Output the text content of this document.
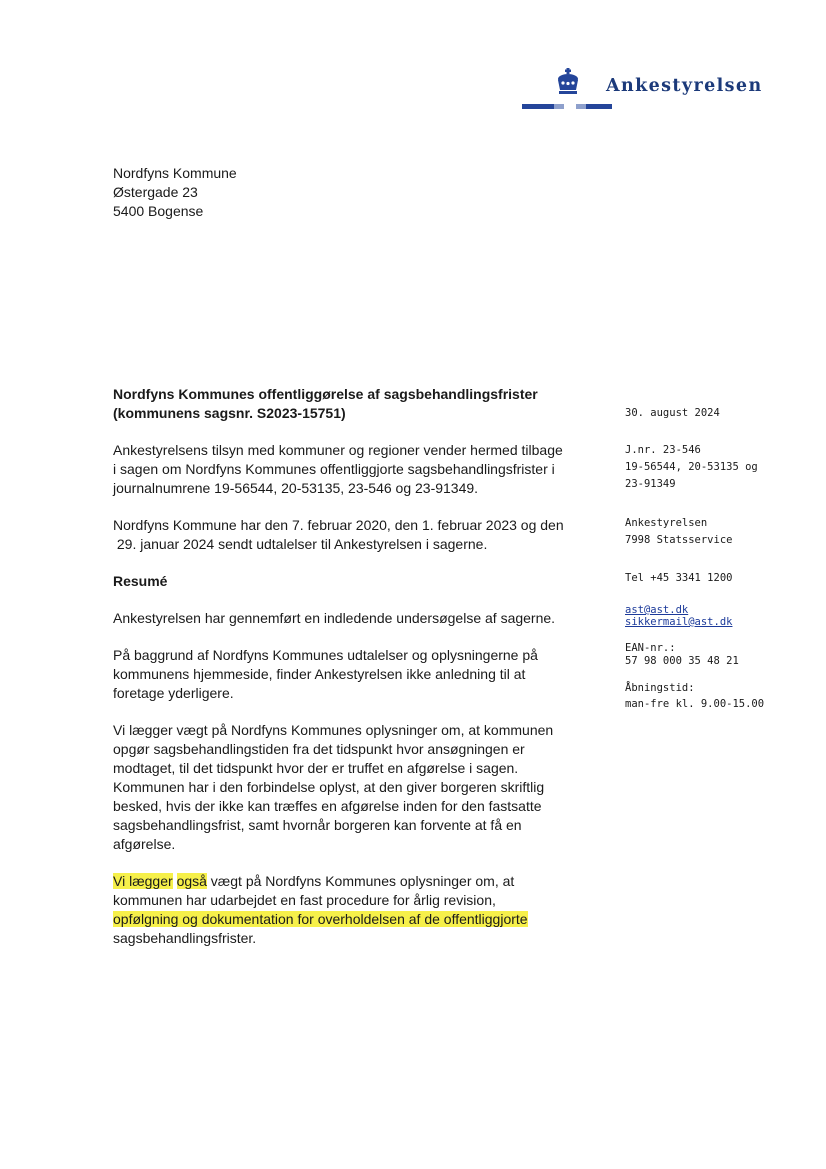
Ankestyrelsen
Nordfyns Kommune
Østergade 23
5400 Bogense

Nordfyns Kommunes offentliggørelse af sagsbehandlingsfrister
(kommunens sagsnr. S2023-15751)

Ankestyrelsens tilsyn med kommuner og regioner vender hermed tilbage
i sagen om Nordfyns Kommunes offentliggjorte sagsbehandlingsfrister i
journalnumrene 19-56544, 20-53135, 23-546 og 23-91349.

Nordfyns Kommune har den 7. februar 2020, den 1. februar 2023 og den
29. januar 2024 sendt udtalelser til Ankestyrelsen i sagerne.

Resumé

Ankestyrelsen har gennemført en indledende undersøgelse af sagerne.

På baggrund af Nordfyns Kommunes udtalelser og oplysningerne på
kommunens hjemmeside, finder Ankestyrelsen ikke anledning til at
foretage yderligere.

Vi lægger vægt på Nordfyns Kommunes oplysninger om, at kommunen
opgør sagsbehandlingstiden fra det tidspunkt hvor ansøgningen er
modtaget, til det tidspunkt hvor der er truffet en afgørelse i sagen.
Kommunen har i den forbindelse oplyst, at den giver borgeren skriftlig
besked, hvis der ikke kan træffes en afgørelse inden for den fastsatte
sagsbehandlingsfrist, samt hvornår borgeren kan forvente at få en
afgørelse.

Vi lægger også vægt på Nordfyns Kommunes oplysninger om, at
kommunen har udarbejdet en fast procedure for årlig revision,
opfølgning og dokumentation for overholdelsen af de offentliggjorte
sagsbehandlingsfrister.

30. august 2024
J.nr. 23-546
19-56544, 20-53135 og
23-91349
Ankestyrelsen
7998 Statsservice
Tel +45 3341 1200
ast@ast.dk
sikkermail@ast.dk
EAN-nr.:
57 98 000 35 48 21
Åbningstid:
man-fre kl. 9.00-15.00
